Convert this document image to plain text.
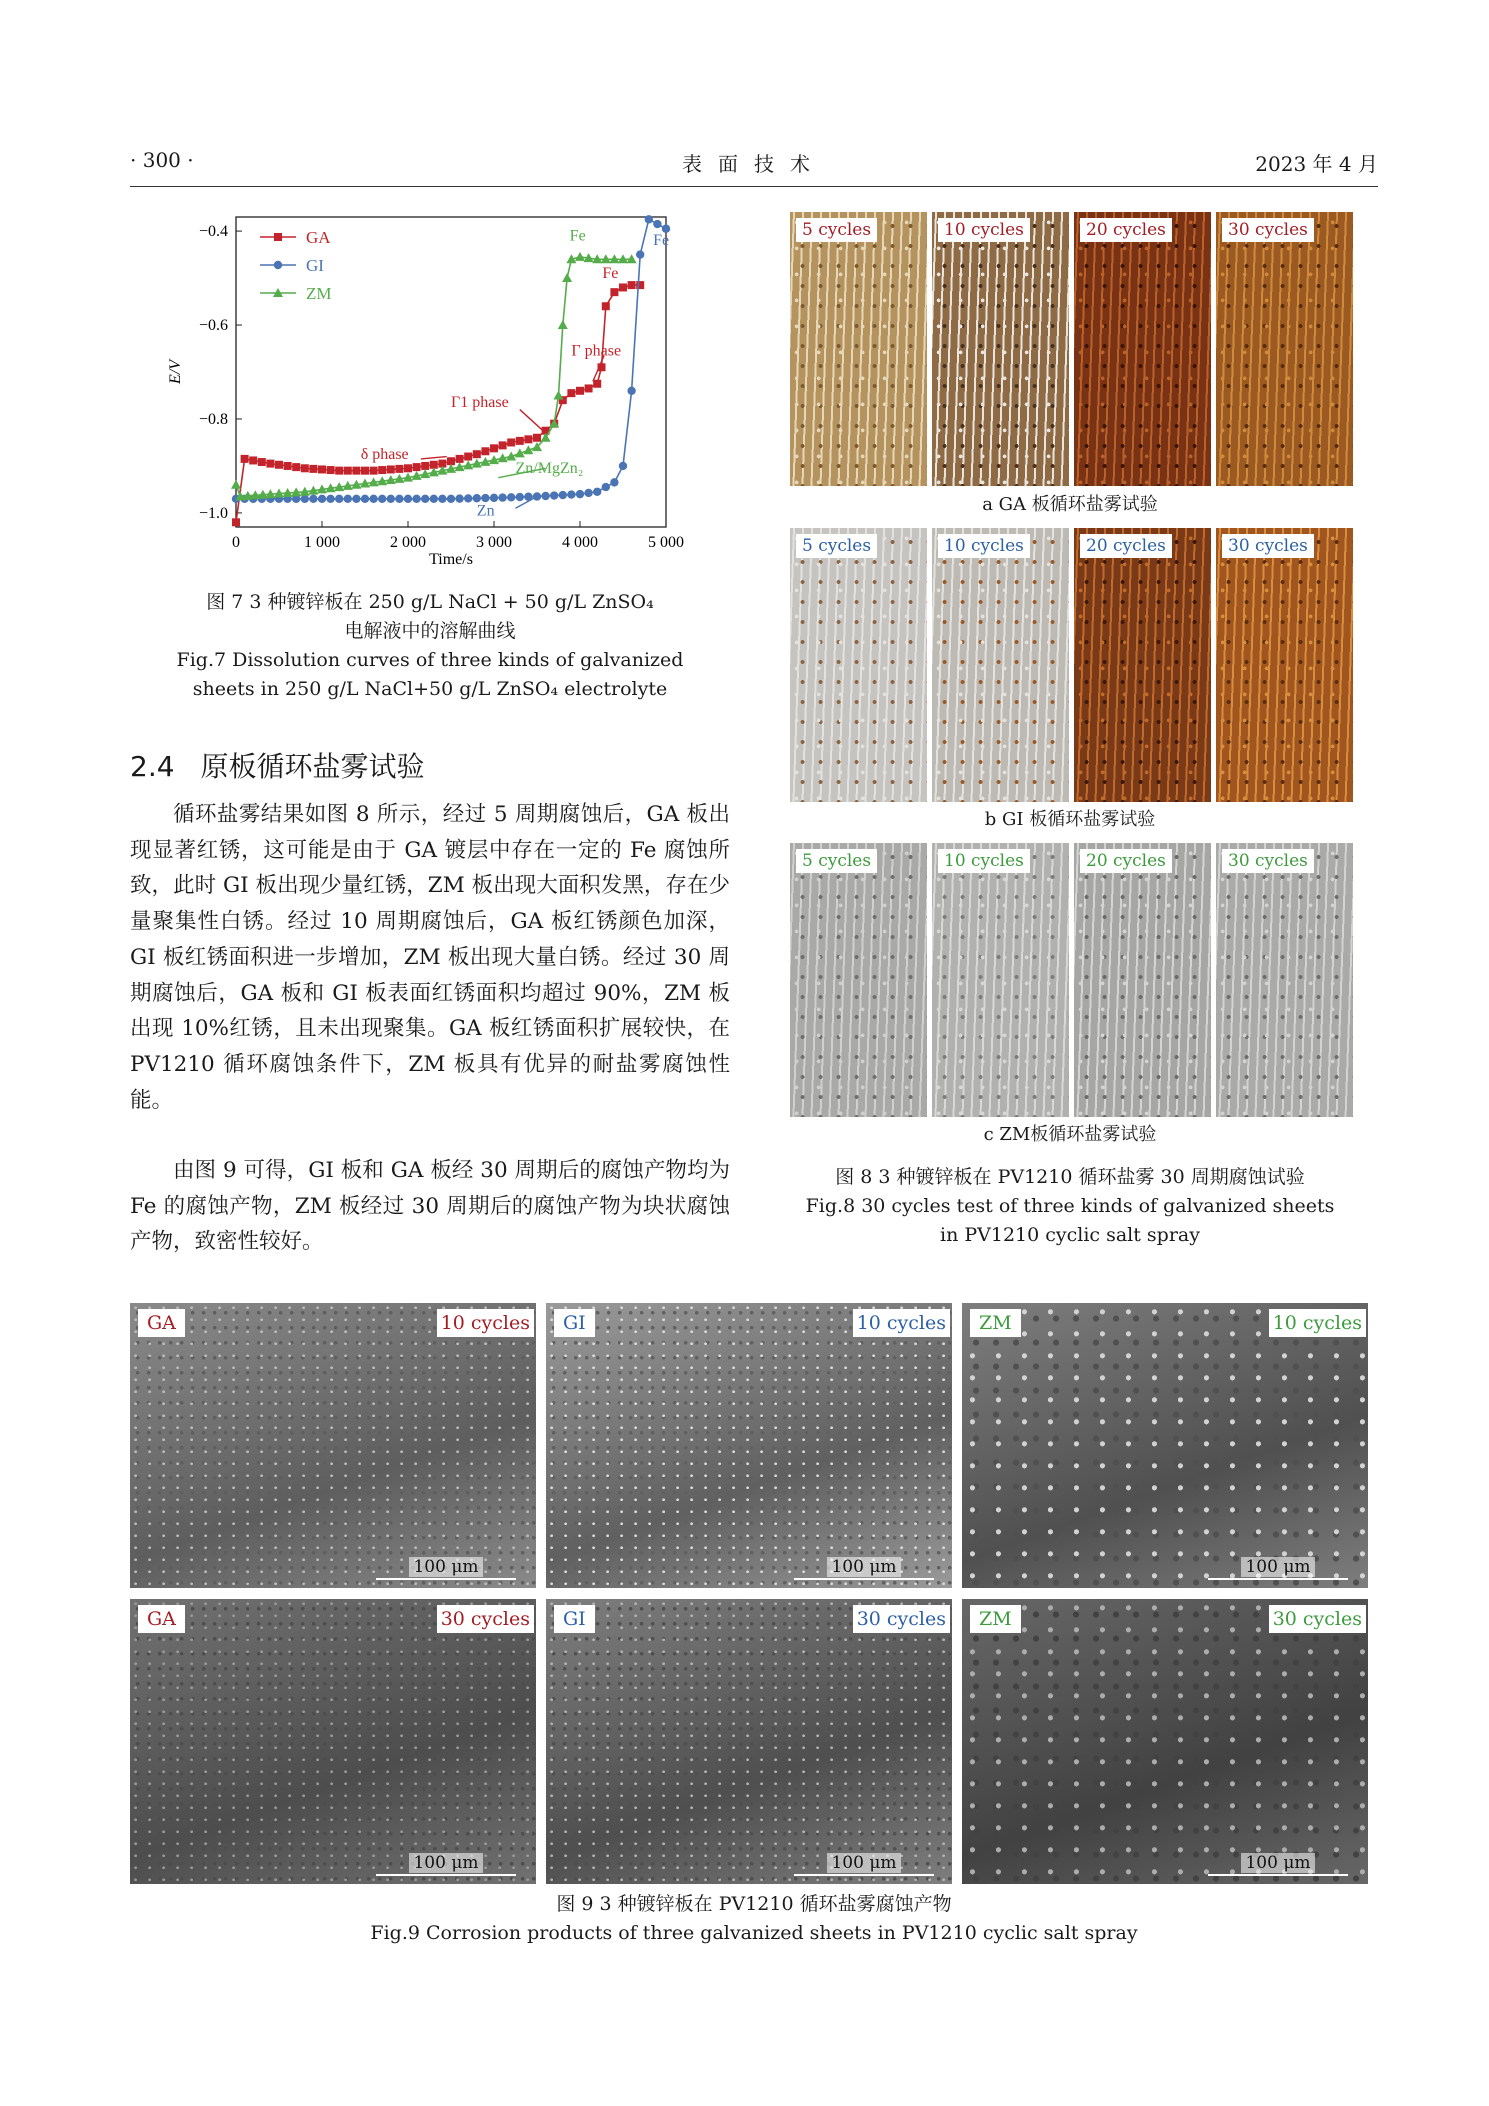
· 300 ·	表面技术	2023 年 4 月
0	1 000	2 000	3 000	4 000	5 000
−1.0
−0.8
−0.6
−0.4
Time/s
E/V
GA
GI
ZM
Fe
Fe
Fe
Γ phase
Γ1 phase
δ phase
Zn/MgZn₂
Zn
图 7 3 种镀锌板在 250 g/L NaCl + 50 g/L ZnSO₄
电解液中的溶解曲线
Fig.7 Dissolution curves of three kinds of galvanized
sheets in 250 g/L NaCl+50 g/L ZnSO₄ electrolyte
2.4 原板循环盐雾试验
循环盐雾结果如图 8 所示，经过 5 周期腐蚀后，GA 板出现显著红锈，这可能是由于 GA 镀层中存在一定的 Fe 腐蚀所致，此时 GI 板出现少量红锈，ZM 板出现大面积发黑，存在少量聚集性白锈。经过 10 周期腐蚀后，GA 板红锈颜色加深，GI 板红锈面积进一步增加，ZM 板出现大量白锈。经过 30 周期腐蚀后，GA 板和 GI 板表面红锈面积均超过 90%，ZM 板出现 10%红锈，且未出现聚集。GA 板红锈面积扩展较快，在 PV1210 循环腐蚀条件下，ZM 板具有优异的耐盐雾腐蚀性能。
由图 9 可得，GI 板和 GA 板经 30 周期后的腐蚀产物均为 Fe 的腐蚀产物，ZM 板经过 30 周期后的腐蚀产物为块状腐蚀产物，致密性较好。
5 cycles	10 cycles	20 cycles	30 cycles
5 cycles	10 cycles	20 cycles	30 cycles
5 cycles	10 cycles	20 cycles	30 cycles
a GA 板循环盐雾试验
b GI 板循环盐雾试验
c ZM板循环盐雾试验
图 8 3 种镀锌板在 PV1210 循环盐雾 30 周期腐蚀试验
Fig.8 30 cycles test of three kinds of galvanized sheets
in PV1210 cyclic salt spray
GA	10 cycles
100 μm
GI	10 cycles
100 μm
ZM	10 cycles
100 μm
GA	30 cycles
100 μm
GI	30 cycles
100 μm
ZM	30 cycles
100 μm
图 9 3 种镀锌板在 PV1210 循环盐雾腐蚀产物
Fig.9 Corrosion products of three galvanized sheets in PV1210 cyclic salt spray
